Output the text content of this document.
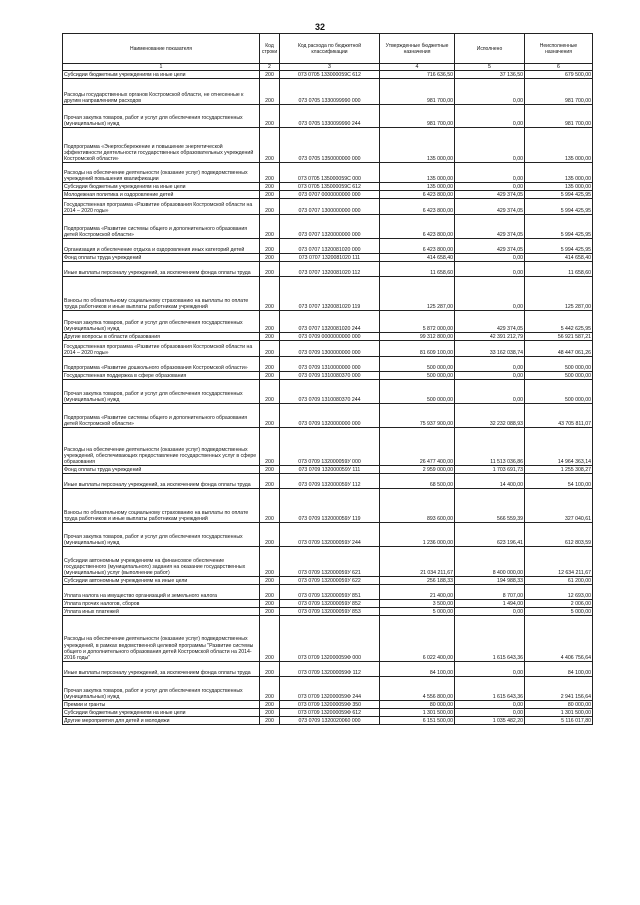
32
Наименование показателя	Код строки	Код расхода по бюджетной классификации	Утвержденные бюджетные назначения	Исполнено	Неисполненные назначения
1	2	3	4	5	6
Субсидии бюджетным учреждениям на иные цели	200	073 0705 133000059С 612	716 636,50	37 136,50	679 500,00
Расходы государственных органов Костромской области, не отнесенные к другим направлениям расходов	200	073 0705 1330099990 000	981 700,00	0,00	981 700,00
Прочая закупка товаров, работ и услуг для обеспечения государственных (муниципальных) нужд	200	073 0705 1330099990 244	981 700,00	0,00	981 700,00
Подпрограмма «Энергосбережение и повышение энергетической эффективности деятельности государственных образовательных учреждений Костромской области»	200	073 0705 1350000000 000	135 000,00	0,00	135 000,00
Расходы на обеспечение деятельности (оказание услуг) подведомственных учреждений повышения квалификации	200	073 0705 135000059С 000	135 000,00	0,00	135 000,00
Субсидии бюджетным учреждениям на иные цели	200	073 0705 135000059С 612	135 000,00	0,00	135 000,00
Молодежная политика и оздоровление детей	200	073 0707 0000000000 000	6 423 800,00	429 374,05	5 994 425,95
Государственная программа «Развитие образования Костромской области на 2014 – 2020 годы»	200	073 0707 1300000000 000	6 423 800,00	429 374,05	5 994 425,95
Подпрограмма «Развитие системы общего и дополнительного образования детей Костромской области»	200	073 0707 1320000000 000	6 423 800,00	429 374,05	5 994 425,95
Организация и обеспечение отдыха и оздоровления иных категорий детей	200	073 0707 1320081020 000	6 423 800,00	429 374,05	5 994 425,95
Фонд оплаты труда учреждений	200	073 0707 1320081020 111	414 658,40	0,00	414 658,40
Иные выплаты персоналу учреждений, за исключением фонда оплаты труда	200	073 0707 1320081020 112	11 658,60	0,00	11 658,60
Взносы по обязательному социальному страхованию на выплаты по оплате труда работников и иные выплаты работникам учреждений	200	073 0707 1320081020 119	125 287,00	0,00	125 287,00
Прочая закупка товаров, работ и услуг для обеспечения государственных (муниципальных) нужд	200	073 0707 1320081020 244	5 872 000,00	429 374,05	5 442 625,95
Другие вопросы в области образования	200	073 0709 0000000000 000	99 312 800,00	42 391 212,79	56 921 587,21
Государственная программа «Развитие образования Костромской области на 2014 – 2020 годы»	200	073 0709 1300000000 000	81 609 100,00	33 162 038,74	48 447 061,26
Подпрограмма «Развитие дошкольного образования Костромской области»	200	073 0709 1310000000 000	500 000,00	0,00	500 000,00
Государственная поддержка в сфере образования	200	073 0709 1310080370 000	500 000,00	0,00	500 000,00
Прочая закупка товаров, работ и услуг для обеспечения государственных (муниципальных) нужд	200	073 0709 1310080370 244	500 000,00	0,00	500 000,00
Подпрограмма «Развитие системы общего и дополнительного образования детей Костромской области»	200	073 0709 1320000000 000	75 937 900,00	32 232 088,93	43 705 811,07
Расходы на обеспечение деятельности (оказание услуг) подведомственных учреждений, обеспечивающих предоставление государственных услуг в сфере образования	200	073 0709 132000059У 000	26 477 400,00	11 513 036,86	14 964 363,14
Фонд оплаты труда учреждений	200	073 0709 132000059У 111	2 959 000,00	1 703 691,73	1 255 308,27
Иные выплаты персоналу учреждений, за исключением фонда оплаты труда	200	073 0709 132000059У 112	68 500,00	14 400,00	54 100,00
Взносы по обязательному социальному страхованию на выплаты по оплате труда работников и иные выплаты работникам учреждений	200	073 0709 132000059У 119	893 600,00	566 559,39	327 040,61
Прочая закупка товаров, работ и услуг для обеспечения государственных (муниципальных) нужд	200	073 0709 132000059У 244	1 236 000,00	623 196,41	612 803,59
Субсидии автономным учреждениям на финансовое обеспечение государственного (муниципального) задания на оказание государственных (муниципальных) услуг (выполнение работ)	200	073 0709 132000059У 621	21 034 211,67	8 400 000,00	12 634 211,67
Субсидии автономным учреждениям на иные цели	200	073 0709 132000059У 622	256 188,33	194 988,33	61 200,00
Уплата налога на имущество организаций и земельного налога	200	073 0709 132000059У 851	21 400,00	8 707,00	12 693,00
Уплата прочих налогов, сборов	200	073 0709 132000059У 852	3 500,00	1 494,00	2 006,00
Уплата иных платежей	200	073 0709 132000059У 853	5 000,00	0,00	5 000,00
Расходы на обеспечение деятельности (оказание услуг) подведомственных учреждений, в рамках ведомственной целевой программы "Развитие системы общего и дополнительного образования детей Костромской области на 2014-2016 годы"	200	073 0709 132000059Ф 000	6 022 400,00	1 615 643,36	4 406 756,64
Иные выплаты персоналу учреждений, за исключением фонда оплаты труда	200	073 0709 132000059Ф 112	84 100,00	0,00	84 100,00
Прочая закупка товаров, работ и услуг для обеспечения государственных (муниципальных) нужд	200	073 0709 132000059Ф 244	4 556 800,00	1 615 643,36	2 941 156,64
Премии и гранты	200	073 0709 132000059Ф 350	80 000,00	0,00	80 000,00
Субсидии бюджетным учреждениям на иные цели	200	073 0709 132000059Ф 612	1 301 500,00	0,00	1 301 500,00
Другие мероприятия для детей и молодежи	200	073 0709 1320020060 000	6 151 500,00	1 035 482,20	5 116 017,80
